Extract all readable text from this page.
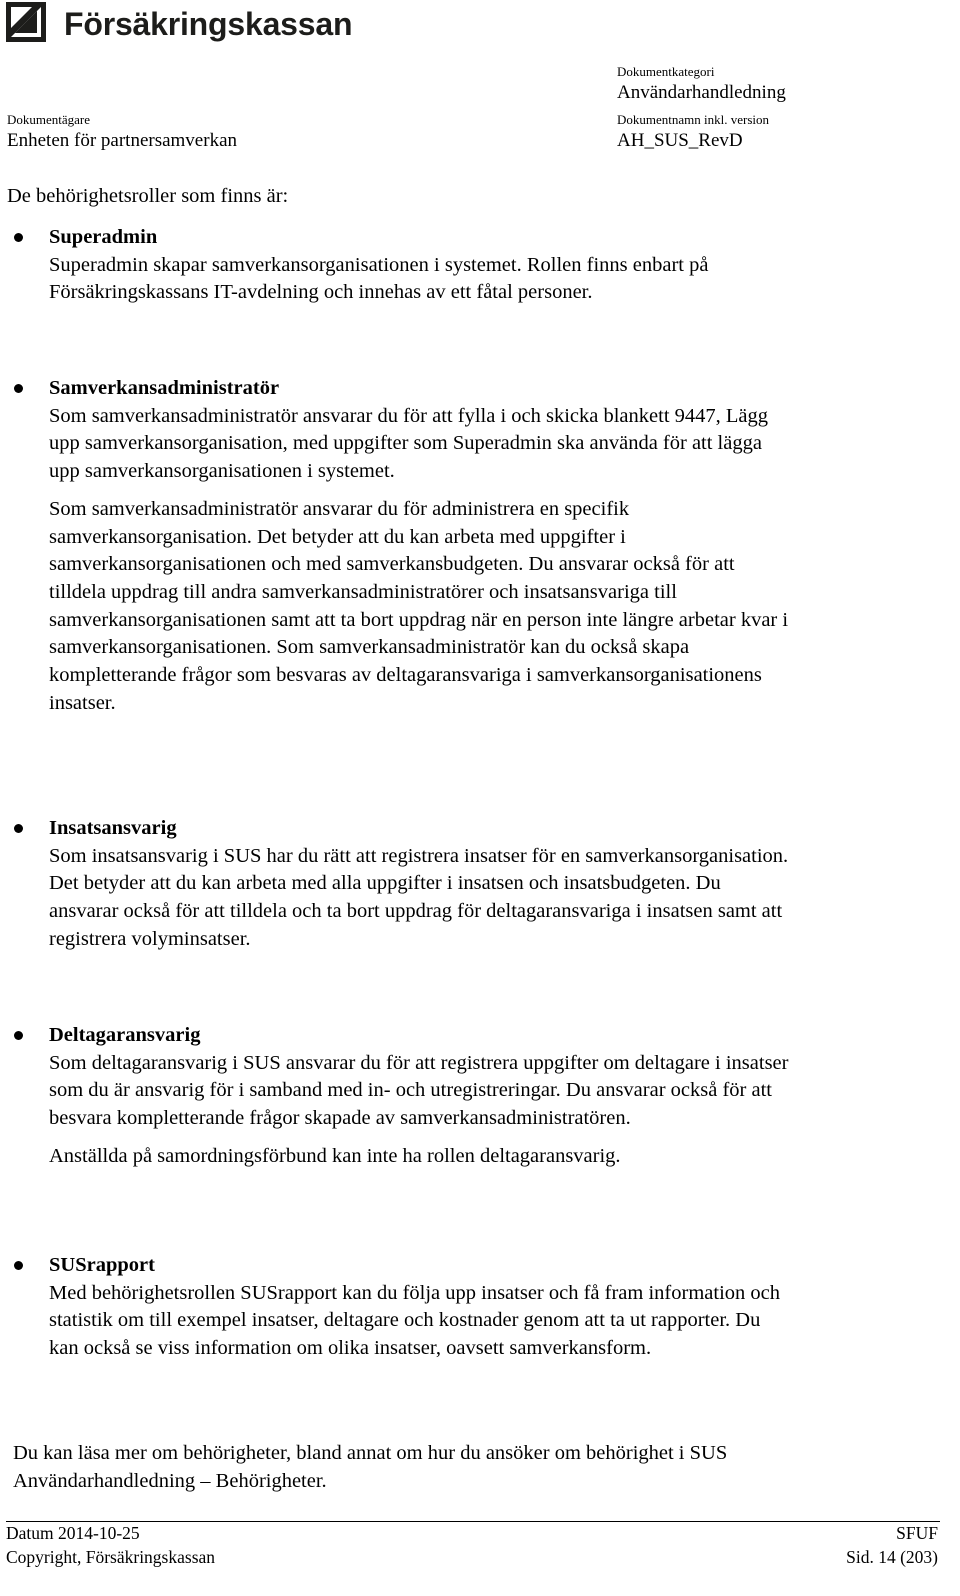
Försäkringskassan
Dokumentkategori
Användarhandledning
Dokumentägare
Enheten för partnersamverkan
Dokumentnamn inkl. version
AH_SUS_RevD
De behörighetsroller som finns är:
Superadmin

Superadmin skapar samverkansorganisationen i systemet. Rollen finns enbart på Försäkringskassans IT-avdelning och innehas av ett fåtal personer.

Samverkansadministratör

Som samverkansadministratör ansvarar du för att fylla i och skicka blankett 9447, Lägg upp samverkansorganisation, med uppgifter som Superadmin ska använda för att lägga upp samverkansorganisationen i systemet.

Som samverkansadministratör ansvarar du för administrera en specifik samverkansorganisation. Det betyder att du kan arbeta med uppgifter i samverkansorganisationen och med samverkansbudgeten. Du ansvarar också för att tilldela uppdrag till andra samverkansadministratörer och insatsansvariga till samverkansorganisationen samt att ta bort uppdrag när en person inte längre arbetar kvar i samverkansorganisationen. Som samverkansadministratör kan du också skapa kompletterande frågor som besvaras av deltagaransvariga i samverkansorganisationens insatser.

Insatsansvarig

Som insatsansvarig i SUS har du rätt att registrera insatser för en samverkansorganisation. Det betyder att du kan arbeta med alla uppgifter i insatsen och insatsbudgeten. Du ansvarar också för att tilldela och ta bort uppdrag för deltagaransvariga i insatsen samt att registrera volyminsatser.

Deltagaransvarig

Som deltagaransvarig i SUS ansvarar du för att registrera uppgifter om deltagare i insatser som du är ansvarig för i samband med in- och utregistreringar. Du ansvarar också för att besvara kompletterande frågor skapade av samverkansadministratören.

Anställda på samordningsförbund kan inte ha rollen deltagaransvarig.

SUSrapport

Med behörighetsrollen SUSrapport kan du följa upp insatser och få fram information och statistik om till exempel insatser, deltagare och kostnader genom att ta ut rapporter. Du kan också se viss information om olika insatser, oavsett samverkansform.

Du kan läsa mer om behörigheter, bland annat om hur du ansöker om behörighet i SUS Användarhandledning – Behörigheter.
Datum 2014-10-25
Copyright, Försäkringskassan
SFUF
Sid. 14 (203)
